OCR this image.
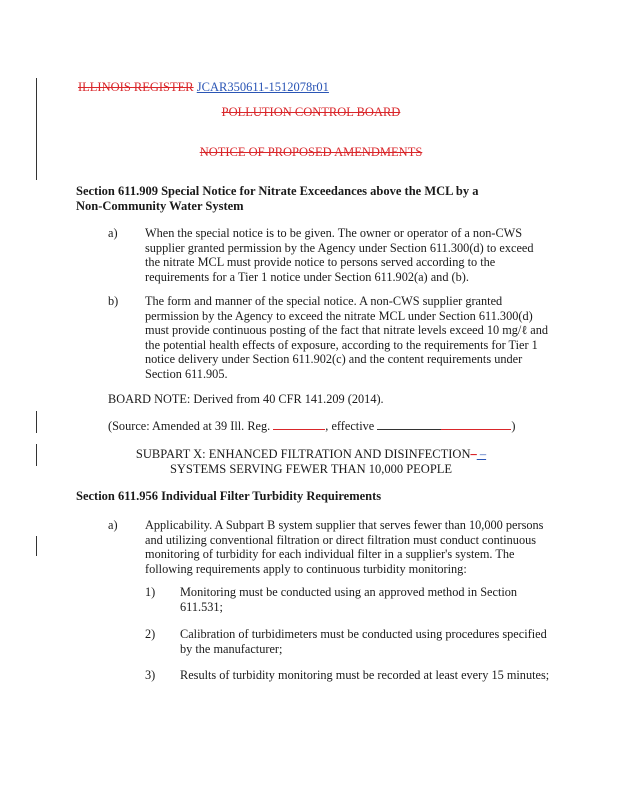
ILLINOIS REGISTER JCAR350611-1512078r01
POLLUTION CONTROL BOARD
NOTICE OF PROPOSED AMENDMENTS
Section 611.909 Special Notice for Nitrate Exceedances above the MCL by a
Non-Community Water System
a) When the special notice is to be given. The owner or operator of a non-CWS
supplier granted permission by the Agency under Section 611.300(d) to exceed
the nitrate MCL must provide notice to persons served according to the
requirements for a Tier 1 notice under Section 611.902(a) and (b).
b) The form and manner of the special notice. A non-CWS supplier granted
permission by the Agency to exceed the nitrate MCL under Section 611.300(d)
must provide continuous posting of the fact that nitrate levels exceed 10 mg/ℓ and
the potential health effects of exposure, according to the requirements for Tier 1
notice delivery under Section 611.902(c) and the content requirements under
Section 611.905.
BOARD NOTE: Derived from 40 CFR 141.209 (2014).
(Source: Amended at 39 Ill. Reg.	, effective	)
SUBPART X: ENHANCED FILTRATION AND DISINFECTION– –
SYSTEMS SERVING FEWER THAN 10,000 PEOPLE
Section 611.956 Individual Filter Turbidity Requirements
a) Applicability. A Subpart B system supplier that serves fewer than 10,000 persons
and utilizing conventional filtration or direct filtration must conduct continuous
monitoring of turbidity for each individual filter in a supplier's system. The
following requirements apply to continuous turbidity monitoring:
1) Monitoring must be conducted using an approved method in Section
611.531;
2) Calibration of turbidimeters must be conducted using procedures specified
by the manufacturer;
3) Results of turbidity monitoring must be recorded at least every 15 minutes;
